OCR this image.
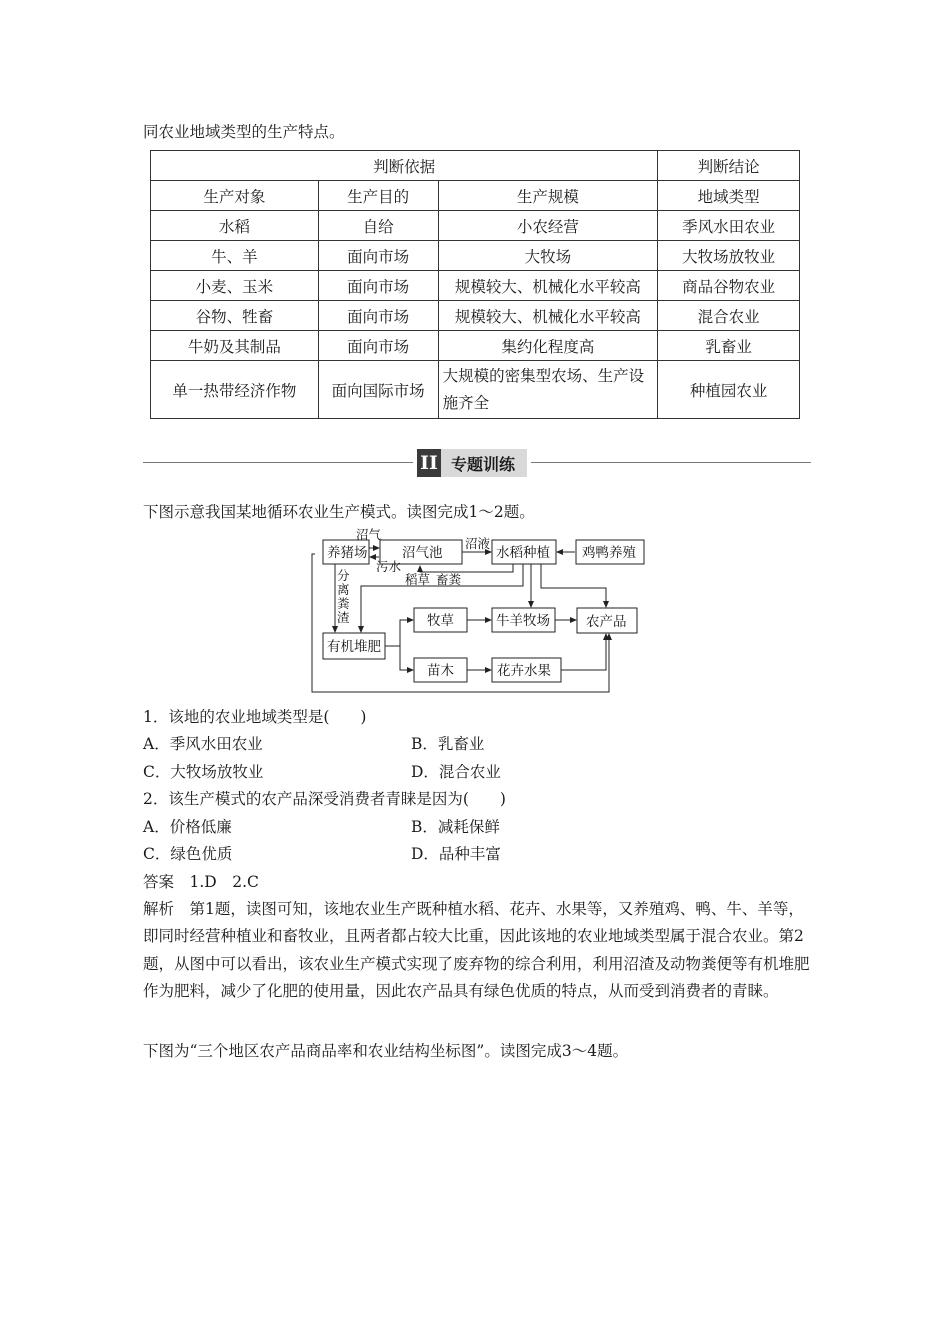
同农业地域类型的生产特点。
判断依据			判断结论
生产对象	生产目的	生产规模	地域类型
水稻	自给	小农经营	季风水田农业
牛、羊	面向市场	大牧场	大牧场放牧业
小麦、玉米	面向市场	规模较大、机械化水平较高	商品谷物农业
谷物、牲畜	面向市场	规模较大、机械化水平较高	混合农业
牛奶及其制品	面向市场	集约化程度高	乳畜业
单一热带经济作物	面向国际市场	大规模的密集型农场、生产设施齐全	种植园农业
II 专题训练
下图示意我国某地循环农业生产模式。读图完成1～2题。
养猪场	沼气池	水稻种植 鸡鸭养殖
有机堆肥
牧草	牛羊牧场	农产品
苗木	花卉水果
沼气
污水
沼液
稻草 畜粪
分
离
粪
渣
1．该地的农业地域类型是(　　)
A．季风水田农业	B．乳畜业
C．大牧场放牧业	D．混合农业
2．该生产模式的农产品深受消费者青睐是因为(　　)
A．价格低廉	B．减耗保鲜
C．绿色优质	D．品种丰富
答案　1.D　2.C
解析　第1题，读图可知，该地农业生产既种植水稻、花卉、水果等，又养殖鸡、鸭、牛、羊等，即同时经营种植业和畜牧业，且两者都占较大比重，因此该地的农业地域类型属于混合农业。第2题，从图中可以看出，该农业生产模式实现了废弃物的综合利用，利用沼渣及动物粪便等有机堆肥作为肥料，减少了化肥的使用量，因此农产品具有绿色优质的特点，从而受到消费者的青睐。
下图为“三个地区农产品商品率和农业结构坐标图”。读图完成3～4题。
